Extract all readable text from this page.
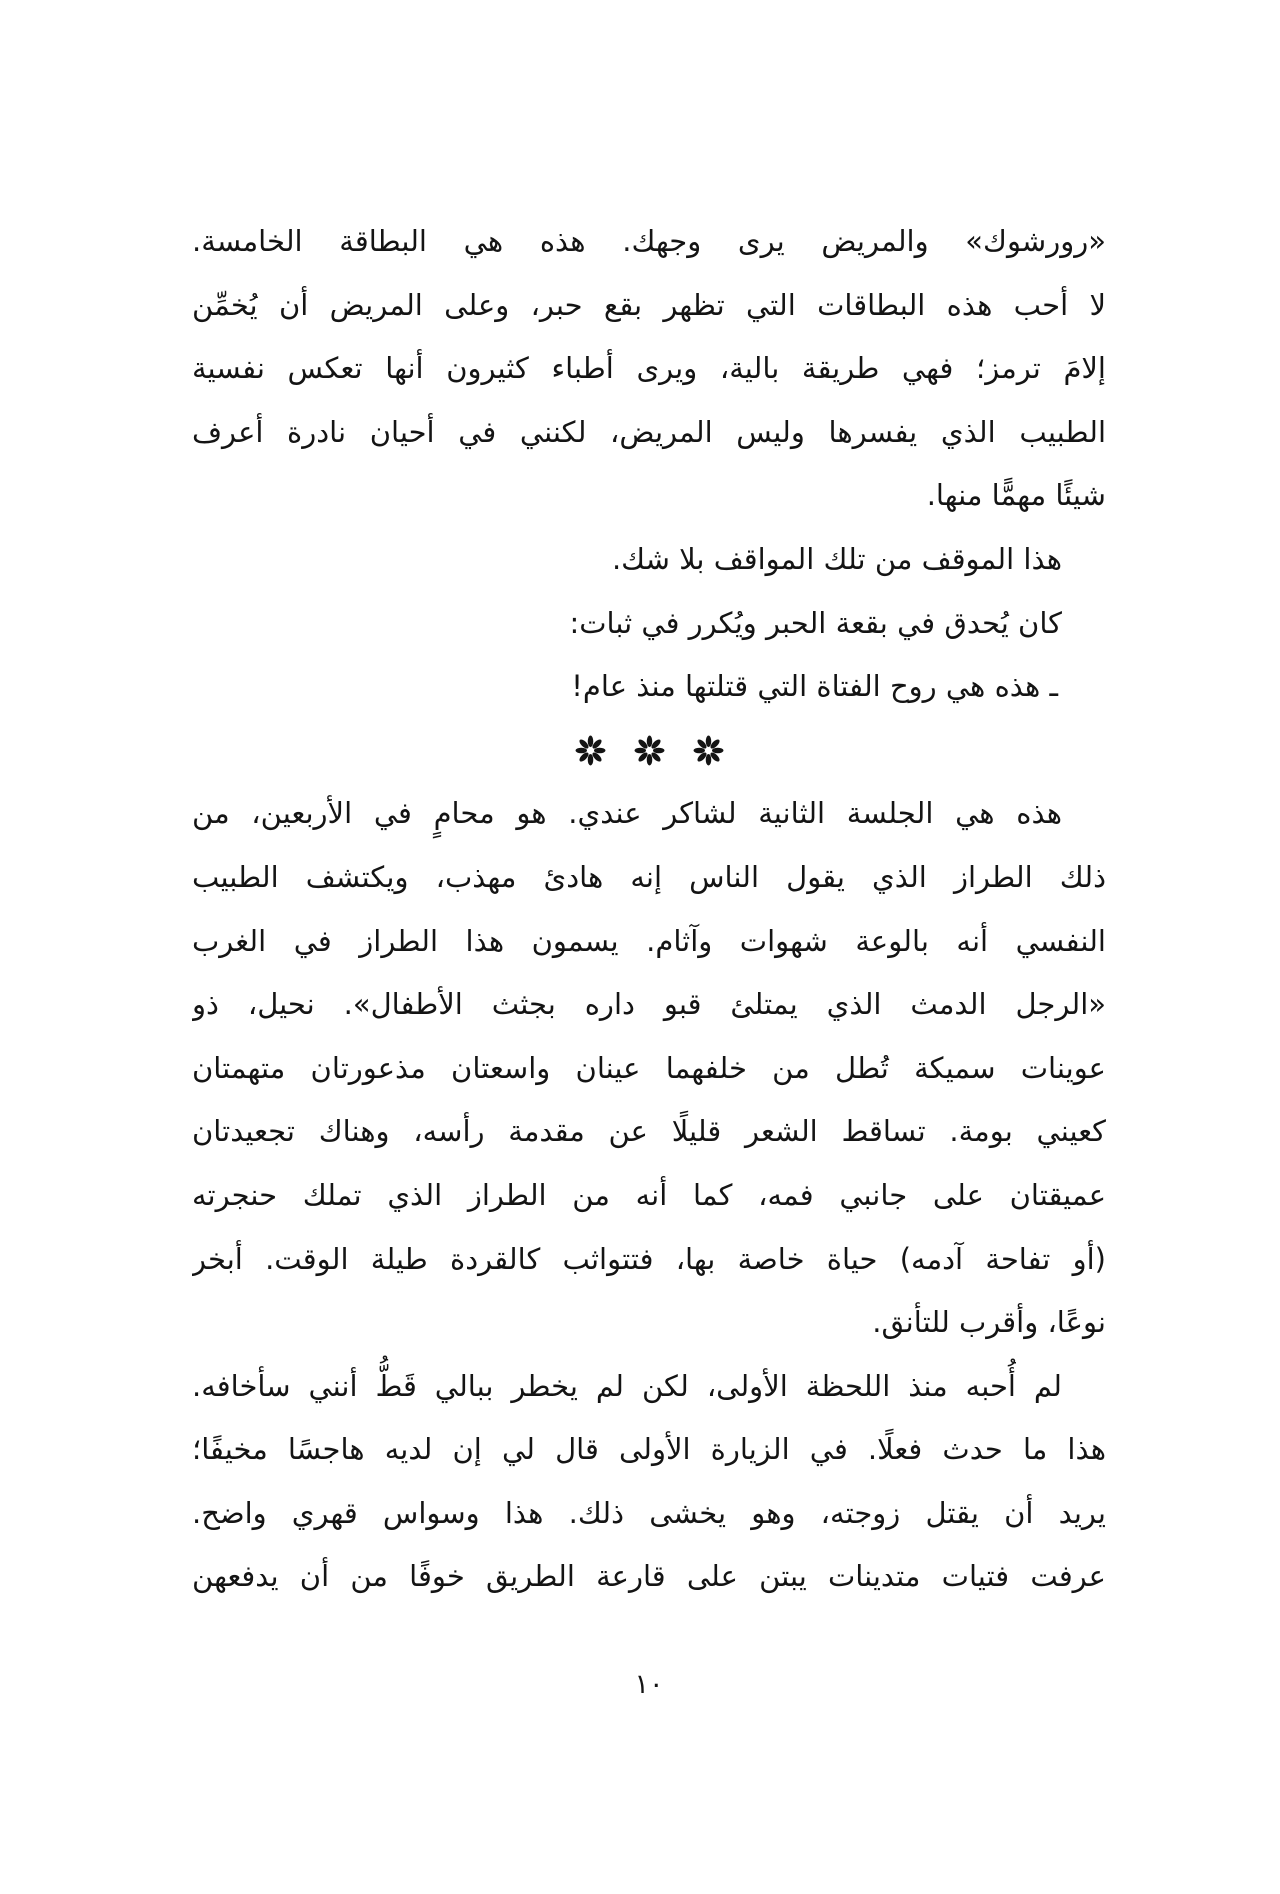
«رورشوك» والمريض يرى وجهك. هذه هي البطاقة الخامسة.
لا أحب هذه البطاقات التي تظهر بقع حبر، وعلى المريض أن يُخمِّن
إلامَ ترمز؛ فهي طريقة بالية، ويرى أطباء كثيرون أنها تعكس نفسية
الطبيب الذي يفسرها وليس المريض، لكنني في أحيان نادرة أعرف
شيئًا مهمًّا منها.
هذا الموقف من تلك المواقف بلا شك.
كان يُحدق في بقعة الحبر ويُكرر في ثبات:
ـ هذه هي روح الفتاة التي قتلتها منذ عام!
هذه هي الجلسة الثانية لشاكر عندي. هو محامٍ في الأربعين، من
ذلك الطراز الذي يقول الناس إنه هادئ مهذب، ويكتشف الطبيب
النفسي أنه بالوعة شهوات وآثام. يسمون هذا الطراز في الغرب
«الرجل الدمث الذي يمتلئ قبو داره بجثث الأطفال». نحيل، ذو
عوينات سميكة تُطل من خلفهما عينان واسعتان مذعورتان متهمتان
كعيني بومة. تساقط الشعر قليلًا عن مقدمة رأسه، وهناك تجعيدتان
عميقتان على جانبي فمه، كما أنه من الطراز الذي تملك حنجرته
(أو تفاحة آدمه) حياة خاصة بها، فتتواثب كالقردة طيلة الوقت. أبخر
نوعًا، وأقرب للتأنق.
لم أُحبه منذ اللحظة الأولى، لكن لم يخطر ببالي قَطُّ أنني سأخافه.
هذا ما حدث فعلًا. في الزيارة الأولى قال لي إن لديه هاجسًا مخيفًا؛
يريد أن يقتل زوجته، وهو يخشى ذلك. هذا وسواس قهري واضح.
عرفت فتيات متدينات يبتن على قارعة الطريق خوفًا من أن يدفعهن
١٠
